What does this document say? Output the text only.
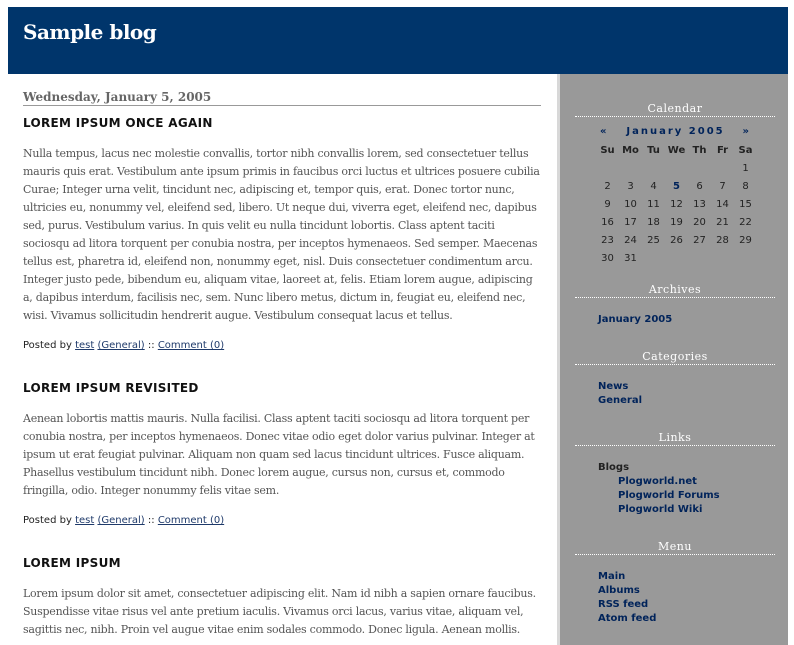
Sample blog
Wednesday, January 5, 2005
LOREM IPSUM ONCE AGAIN
Nulla tempus, lacus nec molestie convallis, tortor nibh convallis lorem, sed consectetuer tellus mauris quis erat. Vestibulum ante ipsum primis in faucibus orci luctus et ultrices posuere cubilia Curae; Integer urna velit, tincidunt nec, adipiscing et, tempor quis, erat. Donec tortor nunc, ultricies eu, nonummy vel, eleifend sed, libero. Ut neque dui, viverra eget, eleifend nec, dapibus sed, purus. Vestibulum varius. In quis velit eu nulla tincidunt lobortis. Class aptent taciti sociosqu ad litora torquent per conubia nostra, per inceptos hymenaeos. Sed semper. Maecenas tellus est, pharetra id, eleifend non, nonummy eget, nisl. Duis consectetuer condimentum arcu. Integer justo pede, bibendum eu, aliquam vitae, laoreet at, felis. Etiam lorem augue, adipiscing a, dapibus interdum, facilisis nec, sem. Nunc libero metus, dictum in, feugiat eu, eleifend nec, wisi. Vivamus sollicitudin hendrerit augue. Vestibulum consequat lacus et tellus.
Posted by test (General) :: Comment (0)
LOREM IPSUM REVISITED
Aenean lobortis mattis mauris. Nulla facilisi. Class aptent taciti sociosqu ad litora torquent per conubia nostra, per inceptos hymenaeos. Donec vitae odio eget dolor varius pulvinar. Integer at ipsum ut erat feugiat pulvinar. Aliquam non quam sed lacus tincidunt ultrices. Fusce aliquam. Phasellus vestibulum tincidunt nibh. Donec lorem augue, cursus non, cursus et, commodo fringilla, odio. Integer nonummy felis vitae sem.
Posted by test (General) :: Comment (0)
LOREM IPSUM
Lorem ipsum dolor sit amet, consectetuer adipiscing elit. Nam id nibh a sapien ornare faucibus. Suspendisse vitae risus vel ante pretium iaculis. Vivamus orci lacus, varius vitae, aliquam vel, sagittis nec, nibh. Proin vel augue vitae enim sodales commodo. Donec ligula. Aenean mollis.
Calendar
« January 2005 »
Su	Mo	Tu	We	Th	Fr	Sa
						1
2	3	4	5	6	7	8
9	10	11	12	13	14	15
16	17	18	19	20	21	22
23	24	25	26	27	28	29
30	31					
Archives
January 2005
Categories
News
General
Links
Blogs
Plogworld.net
Plogworld Forums
Plogworld Wiki
Menu
Main
Albums
RSS feed
Atom feed
